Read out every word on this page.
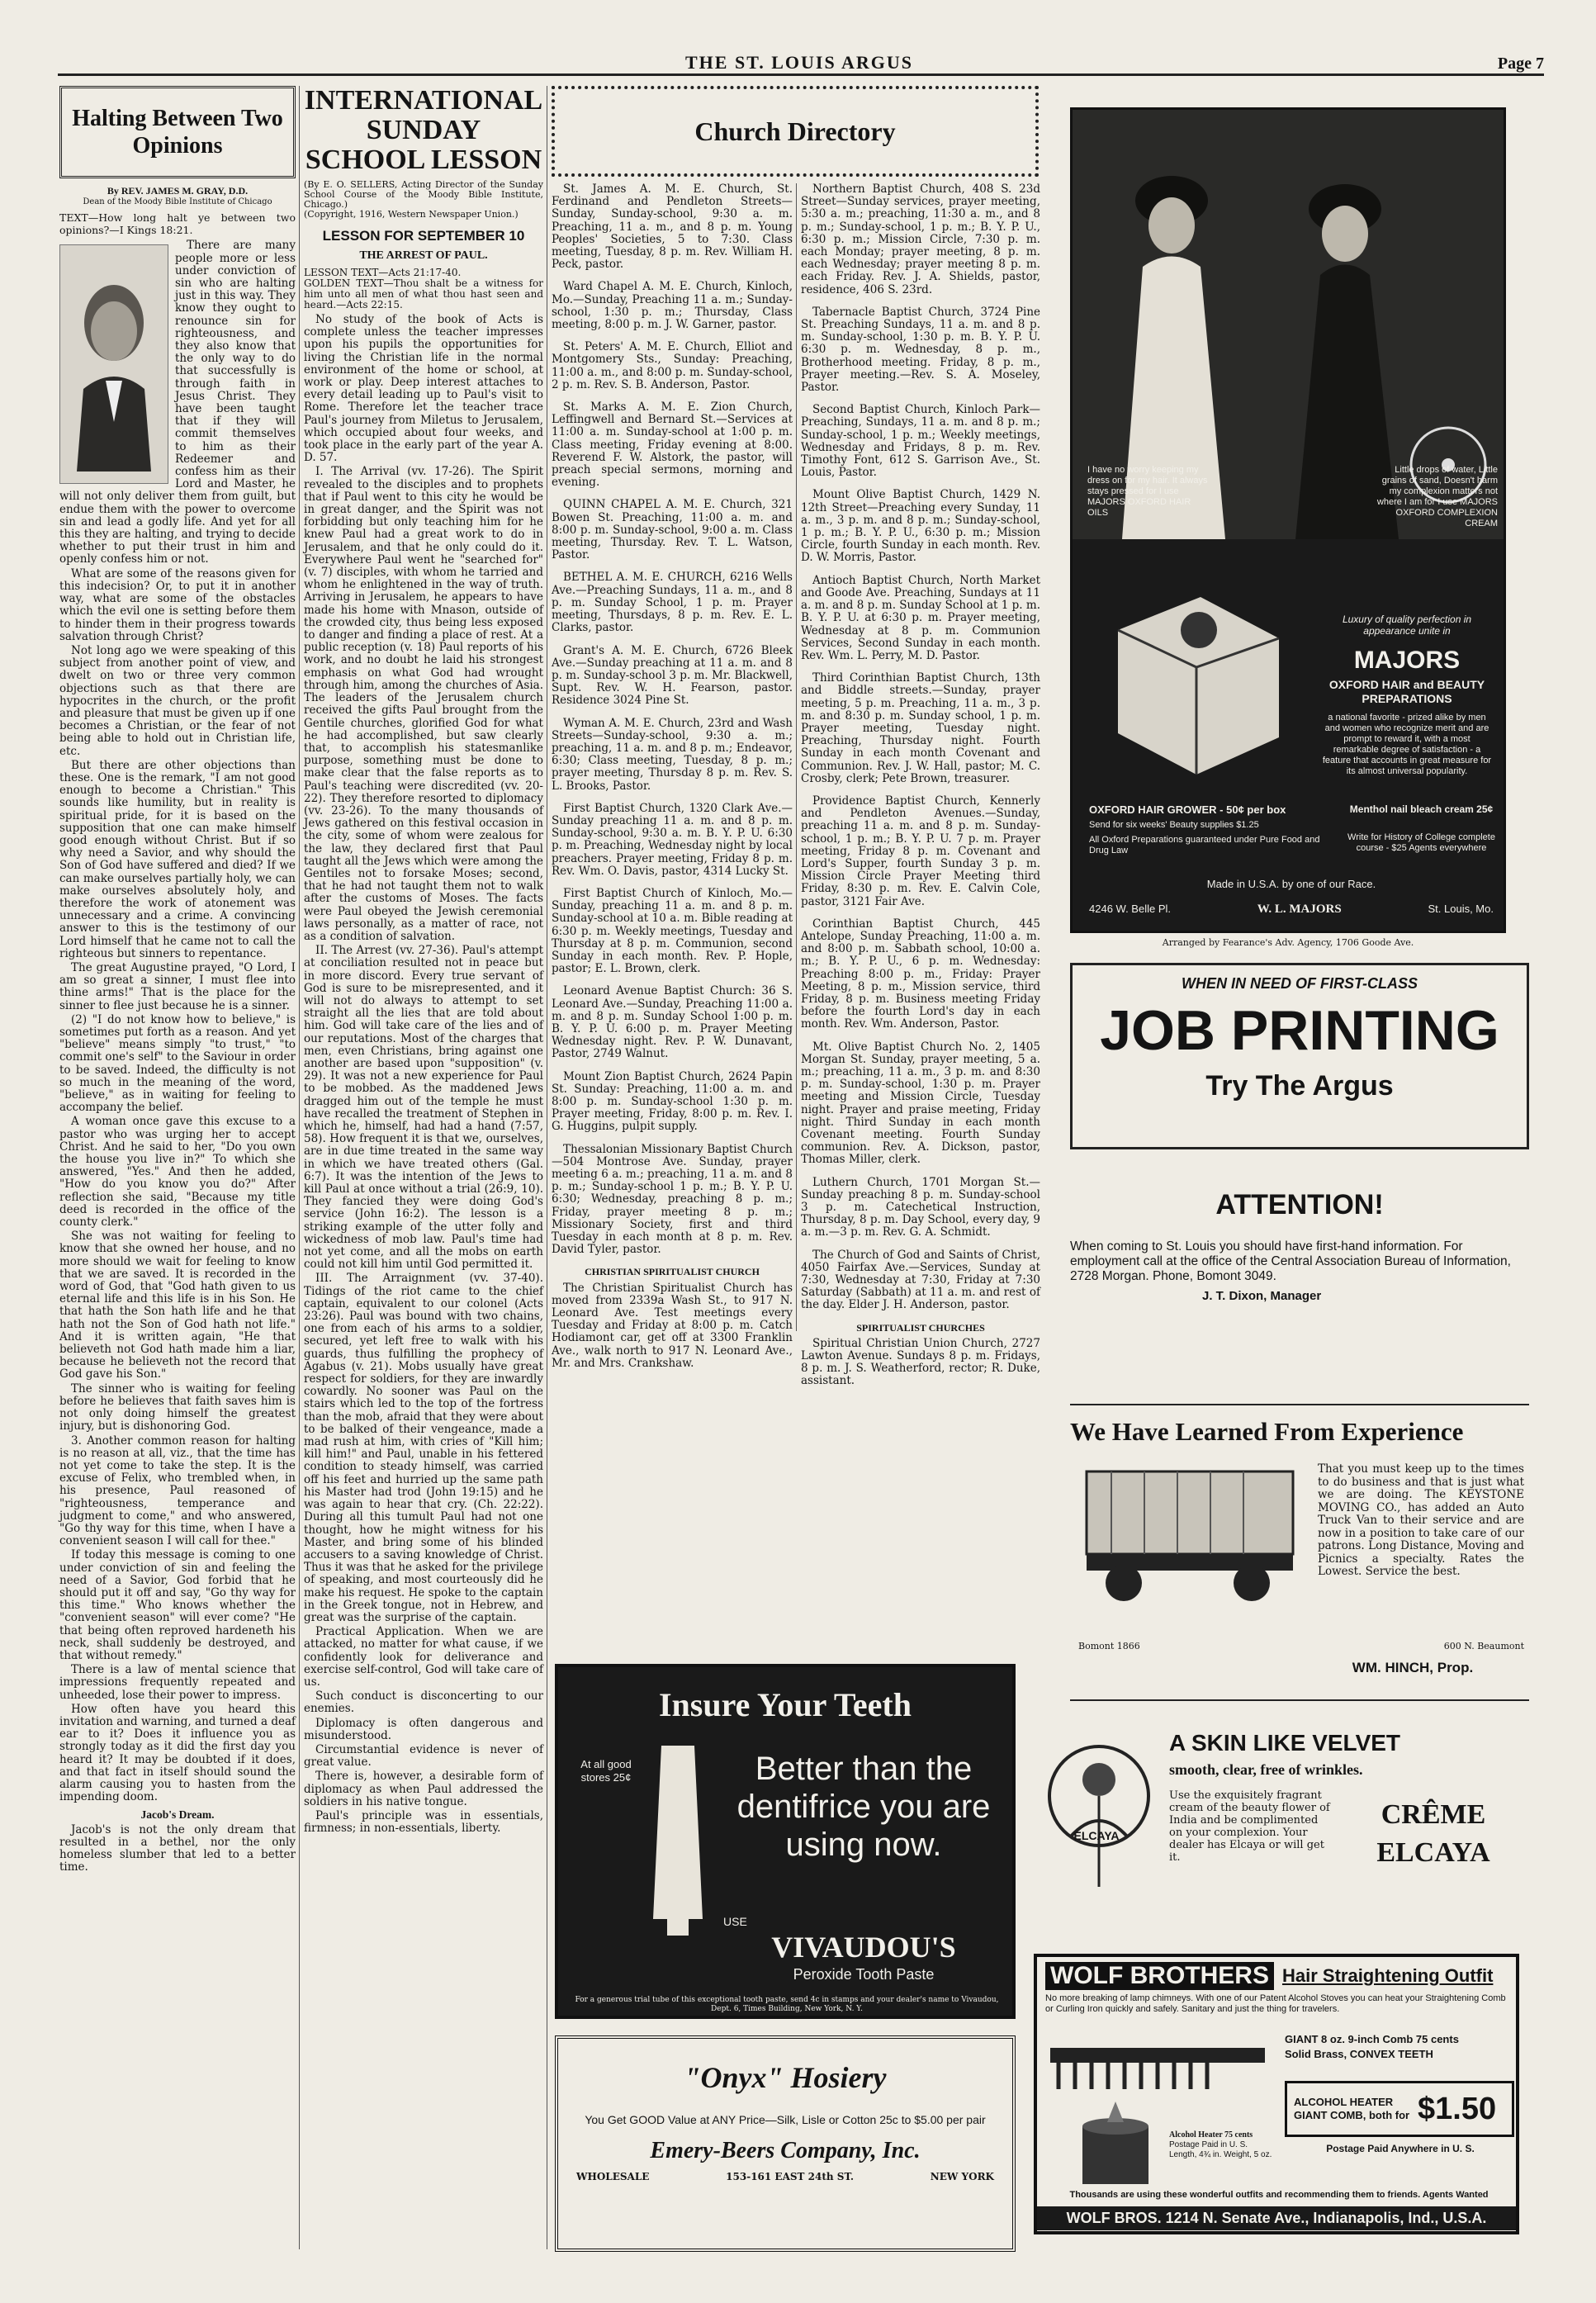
THE ST. LOUIS ARGUS	Page 7
Halting Between Two Opinions
By REV. JAMES M. GRAY, D.D.
Dean of the Moody Bible Institute of Chicago
TEXT—How long halt ye between two opinions?—I Kings 18:21.

There are many people more or less under conviction of sin who are halting just in this way. They know they ought to renounce sin for righteousness, and they also know that the only way to do that successfully is through faith in Jesus Christ. They have been taught that if they will commit themselves to him as their Redeemer and confess him as their Lord and Master, he will not only deliver them from guilt, but endue them with the power to overcome sin and lead a godly life. And yet for all this they are halting, and trying to decide whether to put their trust in him and openly confess him or not.

What are some of the reasons given for this indecision? Or, to put it in another way, what are some of the obstacles which the evil one is setting before them to hinder them in their progress towards salvation through Christ?

Not long ago we were speaking of this subject from another point of view, and dwelt on two or three very common objections such as that there are hypocrites in the church, or the profit and pleasure that must be given up if one becomes a Christian, or the fear of not being able to hold out in Christian life, etc.

But there are other objections than these. One is the remark, "I am not good enough to become a Christian." This sounds like humility, but in reality is spiritual pride, for it is based on the supposition that one can make himself good enough without Christ. But if so why need a Savior, and why should the Son of God have suffered and died? If we can make ourselves partially holy, we can make ourselves absolutely holy, and therefore the work of atonement was unnecessary and a crime. A convincing answer to this is the testimony of our Lord himself that he came not to call the righteous but sinners to repentance.

The great Augustine prayed, "O Lord, I am so great a sinner, I must flee into thine arms!" That is the place for the sinner to flee just because he is a sinner.

(2) "I do not know how to believe," is sometimes put forth as a reason. And yet "believe" means simply "to trust," "to commit one's self" to the Saviour in order to be saved. Indeed, the difficulty is not so much in the meaning of the word, "believe," as in waiting for feeling to accompany the belief.

A woman once gave this excuse to a pastor who was urging her to accept Christ. And he said to her, "Do you own the house you live in?" To which she answered, "Yes." And then he added, "How do you know you do?" After reflection she said, "Because my title deed is recorded in the office of the county clerk."

She was not waiting for feeling to know that she owned her house, and no more should we wait for feeling to know that we are saved. It is recorded in the word of God, that "God hath given to us eternal life and this life is in his Son. He that hath the Son hath life and he that hath not the Son of God hath not life." And it is written again, "He that believeth not God hath made him a liar, because he believeth not the record that God gave his Son."

The sinner who is waiting for feeling before he believes that faith saves him is not only doing himself the greatest injury, but is dishonoring God.

3. Another common reason for halting is no reason at all, viz., that the time has not yet come to take the step. It is the excuse of Felix, who trembled when, in his presence, Paul reasoned of "righteousness, temperance and judgment to come," and who answered, "Go thy way for this time, when I have a convenient season I will call for thee."

If today this message is coming to one under conviction of sin and feeling the need of a Savior, God forbid that he should put it off and say, "Go thy way for this time." Who knows whether the "convenient season" will ever come? "He that being often reproved hardeneth his neck, shall suddenly be destroyed, and that without remedy."

There is a law of mental science that impressions frequently repeated and unheeded, lose their power to impress.

How often have you heard this invitation and warning, and turned a deaf ear to it? Does it influence you as strongly today as it did the first day you heard it? It may be doubted if it does, and that fact in itself should sound the alarm causing you to hasten from the impending doom.

Jacob's Dream.

Jacob's is not the only dream that resulted in a bethel, nor the only homeless slumber that led to a better time.

INTERNATIONAL SUNDAY SCHOOL LESSON
(By E. O. SELLERS, Acting Director of the Sunday School Course of the Moody Bible Institute, Chicago.)
(Copyright, 1916, Western Newspaper Union.)
LESSON FOR SEPTEMBER 10
THE ARREST OF PAUL.
LESSON TEXT—Acts 21:17-40.
GOLDEN TEXT—Thou shalt be a witness for him unto all men of what thou hast seen and heard.—Acts 22:15.

No study of the book of Acts is complete unless the teacher impresses upon his pupils the opportunities for living the Christian life in the normal environment of the home or school, at work or play. Deep interest attaches to every detail leading up to Paul's visit to Rome. Therefore let the teacher trace Paul's journey from Miletus to Jerusalem, which occupied about four weeks, and took place in the early part of the year A. D. 57.

I. The Arrival (vv. 17-26). The Spirit revealed to the disciples and to prophets that if Paul went to this city he would be in great danger, and the Spirit was not forbidding but only teaching him for he knew Paul had a great work to do in Jerusalem, and that he only could do it. Everywhere Paul went he "searched for" (v. 7) disciples, with whom he tarried and whom he enlightened in the way of truth. Arriving in Jerusalem, he appears to have made his home with Mnason, outside of the crowded city, thus being less exposed to danger and finding a place of rest. At a public reception (v. 18) Paul reports of his work, and no doubt he laid his strongest emphasis on what God had wrought through him, among the churches of Asia. The leaders of the Jerusalem church received the gifts Paul brought from the Gentile churches, glorified God for what he had accomplished, but saw clearly that, to accomplish his statesmanlike purpose, something must be done to make clear that the false reports as to Paul's teaching were discredited (vv. 20-22). They therefore resorted to diplomacy (vv. 23-26). To the many thousands of Jews gathered on this festival occasion in the city, some of whom were zealous for the law, they declared first that Paul taught all the Jews which were among the Gentiles not to forsake Moses; second, that he had not taught them not to walk after the customs of Moses. The facts were Paul obeyed the Jewish ceremonial laws personally, as a matter of race, not as a condition of salvation.

II. The Arrest (vv. 27-36). Paul's attempt at conciliation resulted not in peace but in more discord. Every true servant of God is sure to be misrepresented, and it will not do always to attempt to set straight all the lies that are told about him. God will take care of the lies and of our reputations. Most of the charges that men, even Christians, bring against one another are based upon "supposition" (v. 29). It was not a new experience for Paul to be mobbed. As the maddened Jews dragged him out of the temple he must have recalled the treatment of Stephen in which he, himself, had had a hand (7:57, 58). How frequent it is that we, ourselves, are in due time treated in the same way in which we have treated others (Gal. 6:7). It was the intention of the Jews to kill Paul at once without a trial (26:9, 10). They fancied they were doing God's service (John 16:2). The lesson is a striking example of the utter folly and wickedness of mob law. Paul's time had not yet come, and all the mobs on earth could not kill him until God permitted it.

III. The Arraignment (vv. 37-40). Tidings of the riot came to the chief captain, equivalent to our colonel (Acts 23:26). Paul was bound with two chains, one from each of his arms to a soldier, secured, yet left free to walk with his guards, thus fulfilling the prophecy of Agabus (v. 21). Mobs usually have great respect for soldiers, for they are inwardly cowardly. No sooner was Paul on the stairs which led to the top of the fortress than the mob, afraid that they were about to be balked of their vengeance, made a mad rush at him, with cries of "Kill him; kill him!" and Paul, unable in his fettered condition to steady himself, was carried off his feet and hurried up the same path his Master had trod (John 19:15) and he was again to hear that cry. (Ch. 22:22). During all this tumult Paul had not one thought, how he might witness for his Master, and bring some of his blinded accusers to a saving knowledge of Christ. Thus it was that he asked for the privilege of speaking, and most courteously did he make his request. He spoke to the captain in the Greek tongue, not in Hebrew, and great was the surprise of the captain.

Practical Application. When we are attacked, no matter for what cause, if we confidently look for deliverance and exercise self-control, God will take care of us.

Such conduct is disconcerting to our enemies.

Diplomacy is often dangerous and misunderstood.

Circumstantial evidence is never of great value.

There is, however, a desirable form of diplomacy as when Paul addressed the soldiers in his native tongue.

Paul's principle was in essentials, firmness; in non-essentials, liberty.

Church Directory

St. James A. M. E. Church, St. Ferdinand and Pendleton Streets—Sunday, Sunday-school, 9:30 a. m. Preaching, 11 a. m., and 8 p. m. Young Peoples' Societies, 5 to 7:30. Class meeting, Tuesday, 8 p. m. Rev. William H. Peck, pastor.

Ward Chapel A. M. E. Church, Kinloch, Mo.—Sunday, Preaching 11 a. m.; Sunday-school, 1:30 p. m.; Thursday, Class meeting, 8:00 p. m. J. W. Garner, pastor.

St. Peters' A. M. E. Church, Elliot and Montgomery Sts., Sunday: Preaching, 11:00 a. m., and 8:00 p. m. Sunday-school, 2 p. m. Rev. S. B. Anderson, Pastor.

St. Marks A. M. E. Zion Church, Leffingwell and Bernard St.—Services at 11:00 a. m. Sunday-school at 1:00 p. m. Class meeting, Friday evening at 8:00. Reverend F. W. Alstork, the pastor, will preach special sermons, morning and evening.

QUINN CHAPEL A. M. E. Church, 321 Bowen St. Preaching, 11:00 a. m. and 8:00 p. m. Sunday-school, 9:00 a. m. Class meeting, Thursday. Rev. T. L. Watson, Pastor.

BETHEL A. M. E. CHURCH, 6216 Wells Ave.—Preaching Sundays, 11 a. m., and 8 p. m. Sunday School, 1 p. m. Prayer meeting, Thursdays, 8 p. m. Rev. E. L. Clarks, pastor.

Grant's A. M. E. Church, 6726 Bleek Ave.—Sunday preaching at 11 a. m. and 8 p. m. Sunday-school 3 p. m. Mr. Blackwell, Supt. Rev. W. H. Fearson, pastor. Residence 3024 Pine St.

Wyman A. M. E. Church, 23rd and Wash Streets—Sunday-school, 9:30 a. m.; preaching, 11 a. m. and 8 p. m.; Endeavor, 6:30; Class meeting, Tuesday, 8 p. m.; prayer meeting, Thursday 8 p. m. Rev. S. L. Brooks, Pastor.

First Baptist Church, 1320 Clark Ave.—Sunday preaching 11 a. m. and 8 p. m. Sunday-school, 9:30 a. m. B. Y. P. U. 6:30 p. m. Preaching, Wednesday night by local preachers. Prayer meeting, Friday 8 p. m. Rev. Wm. O. Davis, pastor, 4314 Lucky St.

First Baptist Church of Kinloch, Mo.—Sunday, preaching 11 a. m. and 8 p. m. Sunday-school at 10 a. m. Bible reading at 6:30 p. m. Weekly meetings, Tuesday and Thursday at 8 p. m. Communion, second Sunday in each month. Rev. P. Hople, pastor; E. L. Brown, clerk.

Leonard Avenue Baptist Church: 36 S. Leonard Ave.—Sunday, Preaching 11:00 a. m. and 8 p. m. Sunday School 1:00 p. m. B. Y. P. U. 6:00 p. m. Prayer Meeting Wednesday night. Rev. P. W. Dunavant, Pastor, 2749 Walnut.

Mount Zion Baptist Church, 2624 Papin St. Sunday: Preaching, 11:00 a. m. and 8:00 p. m. Sunday-school 1:30 p. m. Prayer meeting, Friday, 8:00 p. m. Rev. I. G. Huggins, pulpit supply.

Thessalonian Missionary Baptist Church—504 Montrose Ave. Sunday, prayer meeting 6 a. m.; preaching, 11 a. m. and 8 p. m.; Sunday-school 1 p. m.; B. Y. P. U. 6:30; Wednesday, preaching 8 p. m.; Friday, prayer meeting 8 p. m.; Missionary Society, first and third Tuesday in each month at 8 p. m. Rev. David Tyler, pastor.

CHRISTIAN SPIRITUALIST CHURCH

The Christian Spiritualist Church has moved from 2339a Wash St., to 917 N. Leonard Ave. Test meetings every Tuesday and Friday at 8:00 p. m. Catch Hodiamont car, get off at 3300 Franklin Ave., walk north to 917 N. Leonard Ave., Mr. and Mrs. Crankshaw.

Northern Baptist Church, 408 S. 23d Street—Sunday services, prayer meeting, 5:30 a. m.; preaching, 11:30 a. m., and 8 p. m.; Sunday-school, 1 p. m.; B. Y. P. U., 6:30 p. m.; Mission Circle, 7:30 p. m. each Monday; prayer meeting, 8 p. m. each Wednesday; prayer meeting 8 p. m. each Friday. Rev. J. A. Shields, pastor, residence, 406 S. 23rd.

Tabernacle Baptist Church, 3724 Pine St. Preaching Sundays, 11 a. m. and 8 p. m. Sunday-school, 1:30 p. m. B. Y. P. U. 6:30 p. m. Wednesday, 8 p. m., Brotherhood meeting. Friday, 8 p. m., Prayer meeting.—Rev. S. A. Moseley, Pastor.

Second Baptist Church, Kinloch Park—Preaching, Sundays, 11 a. m. and 8 p. m.; Sunday-school, 1 p. m.; Weekly meetings, Wednesday and Fridays, 8 p. m. Rev. Timothy Font, 612 S. Garrison Ave., St. Louis, Pastor.

Mount Olive Baptist Church, 1429 N. 12th Street—Preaching every Sunday, 11 a. m., 3 p. m. and 8 p. m.; Sunday-school, 1 p. m.; B. Y. P. U., 6:30 p. m.; Mission Circle, fourth Sunday in each month. Rev. D. W. Morris, Pastor.

Antioch Baptist Church, North Market and Goode Ave. Preaching, Sundays at 11 a. m. and 8 p. m. Sunday School at 1 p. m. B. Y. P. U. at 6:30 p. m. Prayer meeting, Wednesday at 8 p. m. Communion Services, Second Sunday in each month. Rev. Wm. L. Perry, M. D. Pastor.

Third Corinthian Baptist Church, 13th and Biddle streets.—Sunday, prayer meeting, 5 p. m. Preaching, 11 a. m., 3 p. m. and 8:30 p. m. Sunday school, 1 p. m. Prayer meeting, Tuesday night. Preaching, Thursday night. Fourth Sunday in each month Covenant and Communion. Rev. J. W. Hall, pastor; M. C. Crosby, clerk; Pete Brown, treasurer.

Providence Baptist Church, Kennerly and Pendleton Avenues.—Sunday, preaching 11 a. m. and 8 p. m. Sunday-school, 1 p. m.; B. Y. P. U. 7 p. m. Prayer meeting, Friday 8 p. m. Covenant and Lord's Supper, fourth Sunday 3 p. m. Mission Circle Prayer Meeting third Friday, 8:30 p. m. Rev. E. Calvin Cole, pastor, 3121 Fair Ave.

Corinthian Baptist Church, 445 Antelope, Sunday Preaching, 11:00 a. m. and 8:00 p. m. Sabbath school, 10:00 a. m.; B. Y. P. U., 6 p. m. Wednesday: Preaching 8:00 p. m., Friday: Prayer Meeting, 8 p. m., Mission service, third Friday, 8 p. m. Business meeting Friday before the fourth Lord's day in each month. Rev. Wm. Anderson, Pastor.

Mt. Olive Baptist Church No. 2, 1405 Morgan St. Sunday, prayer meeting, 5 a. m.; preaching, 11 a. m., 3 p. m. and 8:30 p. m. Sunday-school, 1:30 p. m. Prayer meeting and Mission Circle, Tuesday night. Prayer and praise meeting, Friday night. Third Sunday in each month Covenant meeting. Fourth Sunday communion. Rev. A. Dickson, pastor, Thomas Miller, clerk.

Luthern Church, 1701 Morgan St.—Sunday preaching 8 p. m. Sunday-school 3 p. m. Catechetical Instruction, Thursday, 8 p. m. Day School, every day, 9 a. m.—3 p. m. Rev. G. A. Schmidt.

The Church of God and Saints of Christ, 4050 Fairfax Ave.—Services, Sunday at 7:30, Wednesday at 7:30, Friday at 7:30 Saturday (Sabbath) at 11 a. m. and rest of the day. Elder J. H. Anderson, pastor.

SPIRITUALIST CHURCHES

Spiritual Christian Union Church, 2727 Lawton Avenue. Sundays 8 p. m. Fridays, 8 p. m. J. S. Weatherford, rector; R. Duke, assistant.

I have no worry keeping my dress on for my hair. It always stays pressed for I use MAJORS OXFORD HAIR OILS
Little drops of water, Little grains of sand, Doesn't harm my complexion matters not where I am for I use MAJORS OXFORD COMPLEXION CREAM
Luxury of quality perfection in appearance unite in
MAJORS
OXFORD HAIR and BEAUTY PREPARATIONS
a national favorite - prized alike by men and women who recognize merit and are prompt to reward it, with a most remarkable degree of satisfaction - a feature that accounts in great measure for its almost universal popularity.
OXFORD HAIR GROWER - 50¢ per box
Send for six weeks' Beauty supplies $1.25
All Oxford Preparations guaranteed under Pure Food and Drug Law
Menthol nail bleach cream 25¢
Write for History of College complete course - $25 Agents everywhere
Made in U.S.A. by one of our Race.
4246 W. Belle Pl.	W. L. MAJORS	St. Louis, Mo.
Arranged by Fearance's Adv. Agency, 1706 Goode Ave.
WHEN IN NEED OF FIRST-CLASS
JOB PRINTING
Try The Argus
ATTENTION!
When coming to St. Louis you should have first-hand information. For employment call at the office of the Central Association Bureau of Information, 2728 Morgan. Phone, Bomont 3049.
J. T. Dixon, Manager
We Have Learned From Experience
That you must keep up to the times to do business and that is just what we are doing. The KEYSTONE MOVING CO., has added an Auto Truck Van to their service and are now in a position to take care of our patrons. Long Distance, Moving and Picnics a specialty. Rates the Lowest. Service the best.
Bomont 1866	600 N. Beaumont
WM. HINCH, Prop.
Insure Your Teeth
At all good stores 25¢	Better than the dentifrice you are using now.
USE
VIVAUDOU'S
Peroxide Tooth Paste
For a generous trial tube of this exceptional tooth paste, send 4c in stamps and your dealer's name to Vivaudou, Dept. 6, Times Building, New York, N. Y.
"Onyx" Hosiery
You Get GOOD Value at ANY Price—Silk, Lisle or Cotton 25c to $5.00 per pair
Emery-Beers Company, Inc.
WHOLESALE	153-161 EAST 24th ST.	NEW YORK
ELCAYA
A SKIN LIKE VELVET
smooth, clear, free of wrinkles.
Use the exquisitely fragrant cream of the beauty flower of India and be complimented on your complexion. Your dealer has Elcaya or will get it.
CRÊME
ELCAYA
WOLF BROTHERS Hair Straightening Outfit
No more breaking of lamp chimneys. With one of our Patent Alcohol Stoves you can heat your Straightening Comb or Curling Iron quickly and safely. Sanitary and just the thing for travelers.
GIANT 8 oz. 9-inch Comb 75 cents
Solid Brass, CONVEX TEETH
Alcohol Heater 75 cents
Postage Paid in U. S.
Length, 4¾ in. Weight, 5 oz.
ALCOHOL HEATER
GIANT COMB, both for $1.50
Postage Paid Anywhere in U. S.
Thousands are using these wonderful outfits and recommending them to friends. Agents Wanted
WOLF BROS. 1214 N. Senate Ave., Indianapolis, Ind., U.S.A.
